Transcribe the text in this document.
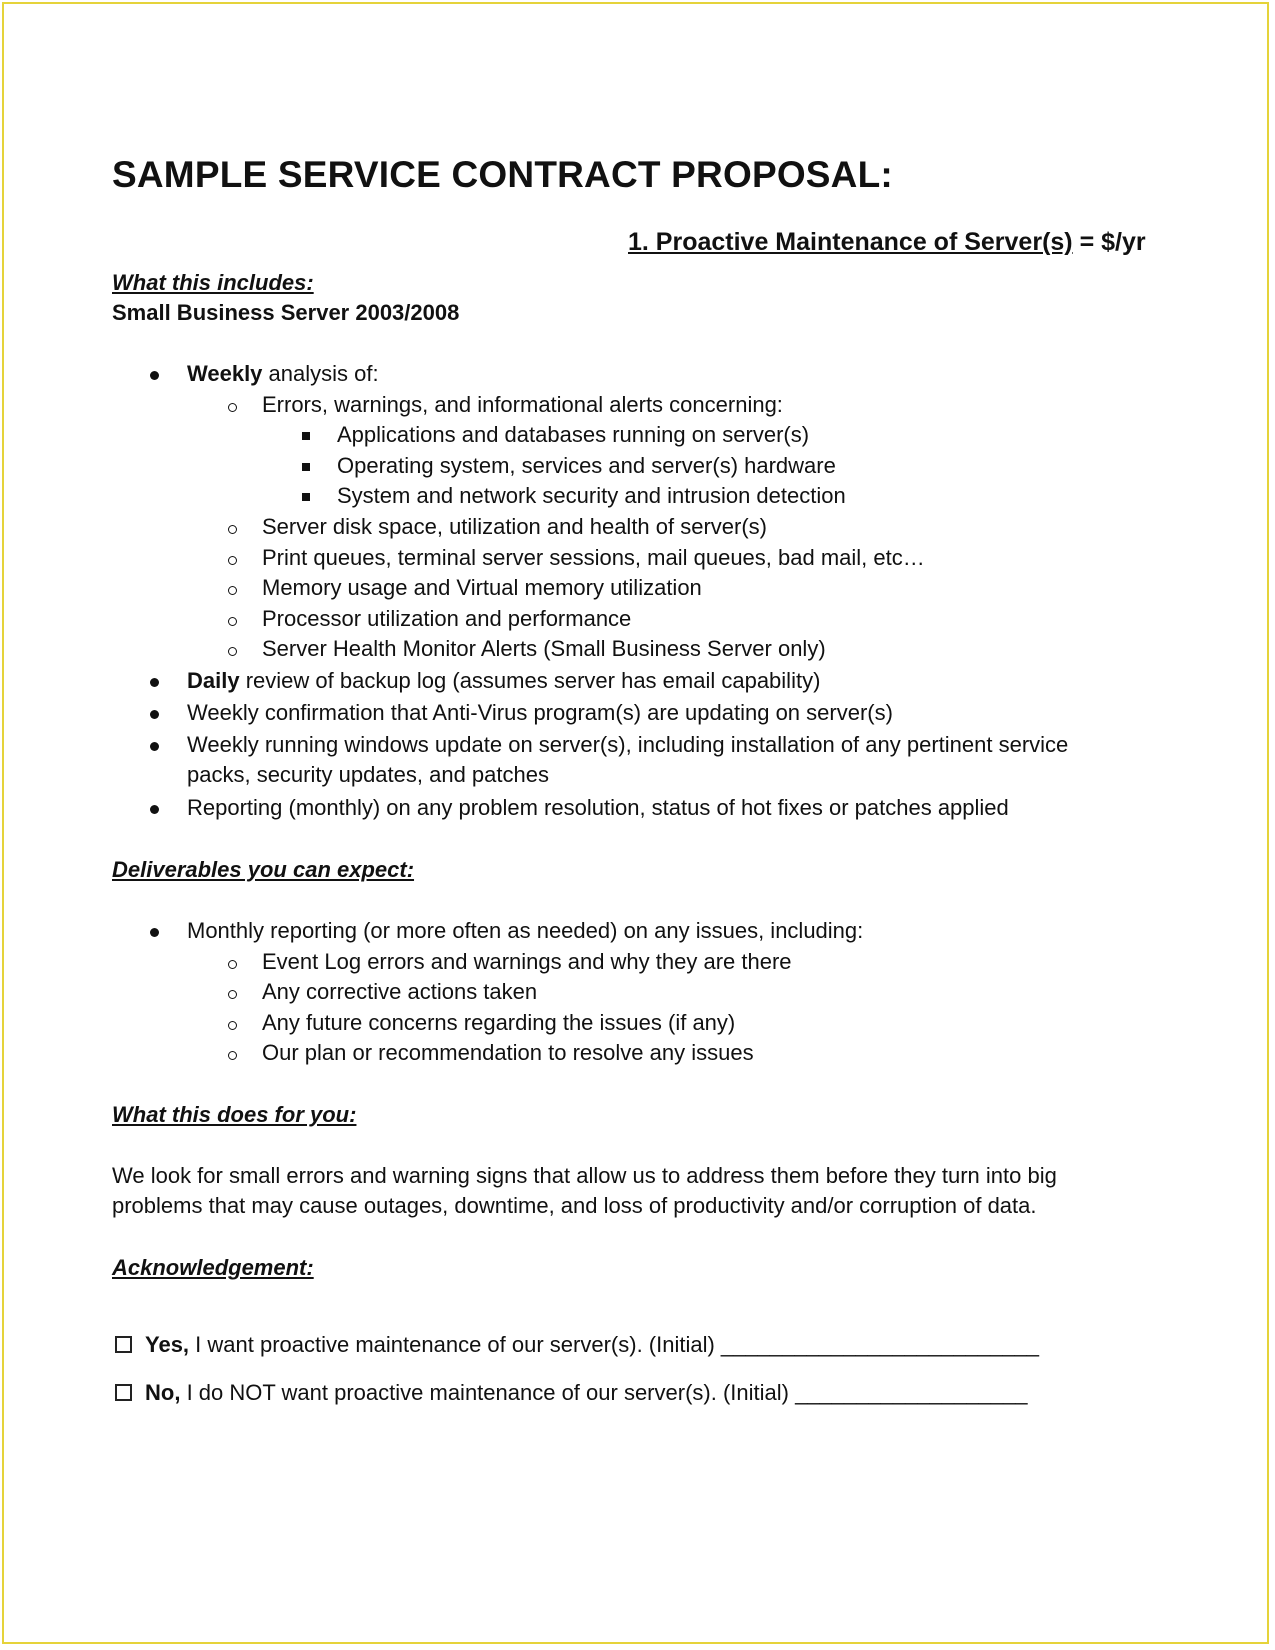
SAMPLE SERVICE CONTRACT PROPOSAL:
1. Proactive Maintenance of Server(s) = $/yr
What this includes:
Small Business Server 2003/2008
Weekly analysis of:
Errors, warnings, and informational alerts concerning:
Applications and databases running on server(s)
Operating system, services and server(s) hardware
System and network security and intrusion detection
Server disk space, utilization and health of server(s)
Print queues, terminal server sessions, mail queues, bad mail, etc…
Memory usage and Virtual memory utilization
Processor utilization and performance
Server Health Monitor Alerts (Small Business Server only)
Daily review of backup log (assumes server has email capability)
Weekly confirmation that Anti-Virus program(s) are updating on server(s)
Weekly running windows update on server(s), including installation of any pertinent service
packs, security updates, and patches
Reporting (monthly) on any problem resolution, status of hot fixes or patches applied
Deliverables you can expect:
Monthly reporting (or more often as needed) on any issues, including:
Event Log errors and warnings and why they are there
Any corrective actions taken
Any future concerns regarding the issues (if any)
Our plan or recommendation to resolve any issues
What this does for you:
We look for small errors and warning signs that allow us to address them before they turn into big
problems that may cause outages, downtime, and loss of productivity and/or corruption of data.
Acknowledgement:
Yes, I want proactive maintenance of our server(s). (Initial) __________________________
No, I do NOT want proactive maintenance of our server(s). (Initial) ___________________
